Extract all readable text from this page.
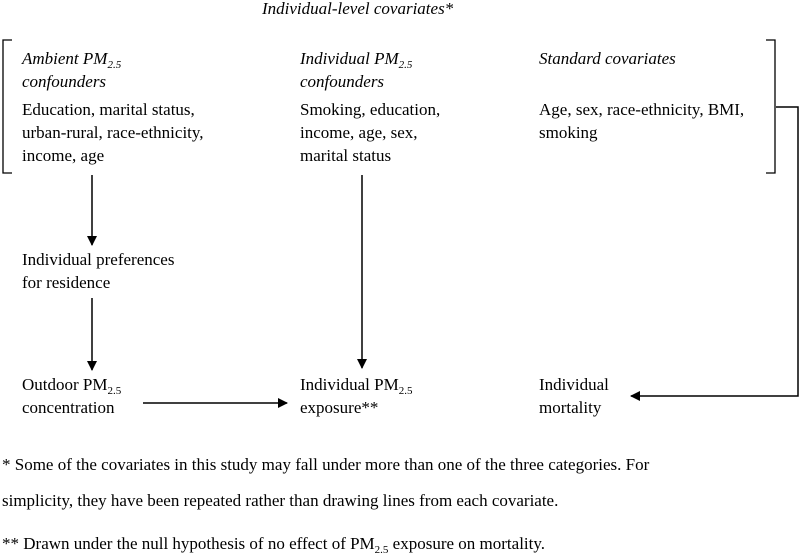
Individual-level covariates*
Ambient $PM_{2.5}$
confounders
Education, marital status,
urban-rural, race-ethnicity,
income, age
Individual $PM_{2.5}$
confounders
Smoking, education,
income, age, sex,
marital status
Standard covariates
Age, sex, race-ethnicity, BMI,
smoking
Individual preferences
for residence
Outdoor $PM_{2.5}$
concentration
Individual $PM_{2.5}$
exposure**
Individual
mortality
* Some of the covariates in this study may fall under more than one of the three categories. For
simplicity, they have been repeated rather than drawing lines from each covariate.
** Drawn under the null hypothesis of no effect of $PM_{2.5}$ exposure on mortality.
